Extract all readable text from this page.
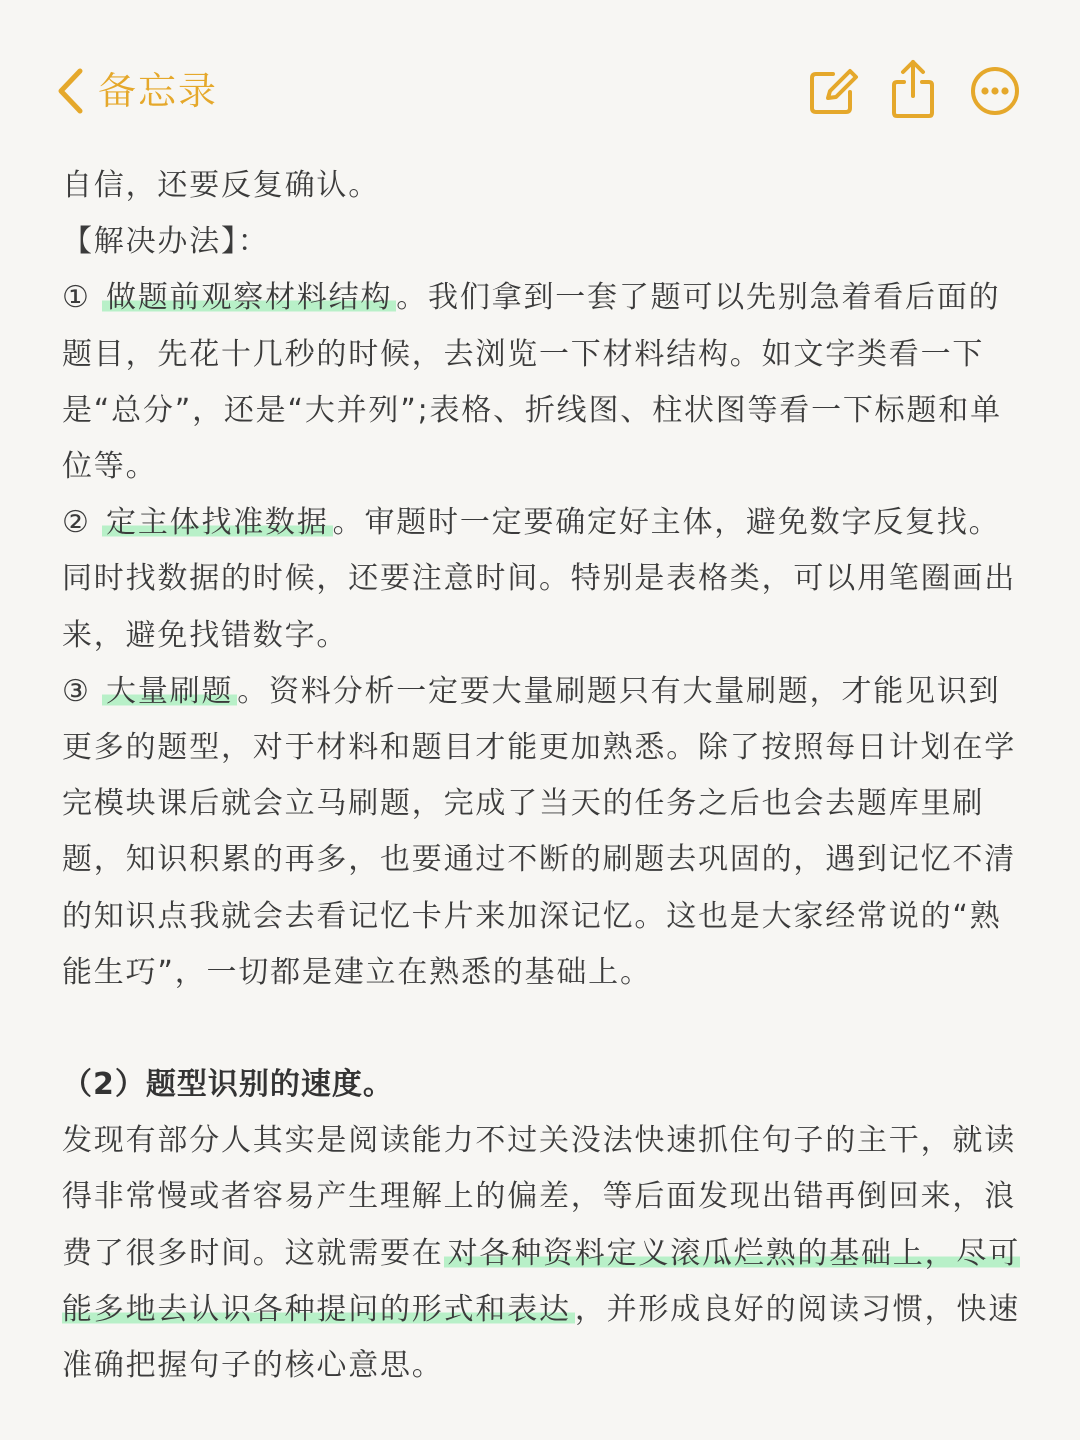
备忘录

自信，还要反复确认。

【解决办法】：

① 做题前观察材料结构 。我们拿到一套了题可以先别急着看后面的题目，先花十几秒的时候，去浏览一下材料结构。如文字类看一下是“总分”，还是“大并列”;表格、折线图、柱状图等看一下标题和单位等。

② 定主体找准数据 。审题时一定要确定好主体，避免数字反复找。同时找数据的时候，还要注意时间。特别是表格类，可以用笔圈画出来，避免找错数字。

③ 大量刷题 。资料分析一定要大量刷题只有大量刷题，才能见识到更多的题型，对于材料和题目才能更加熟悉。除了按照每日计划在学完模块课后就会立马刷题，完成了当天的任务之后也会去题库里刷题，知识积累的再多，也要通过不断的刷题去巩固的，遇到记忆不清的知识点我就会去看记忆卡片来加深记忆。这也是大家经常说的“熟能生巧”，一切都是建立在熟悉的基础上。

（2）题型识别的速度。

发现有部分人其实是阅读能力不过关没法快速抓住句子的主干，就读得非常慢或者容易产生理解上的偏差，等后面发现出错再倒回来，浪费了很多时间。这就需要在 对各种资料定义滚瓜烂熟的基础上，尽可能多地去认识各种提问的形式和表达 ，并形成良好的阅读习惯，快速准确把握句子的核心意思。
